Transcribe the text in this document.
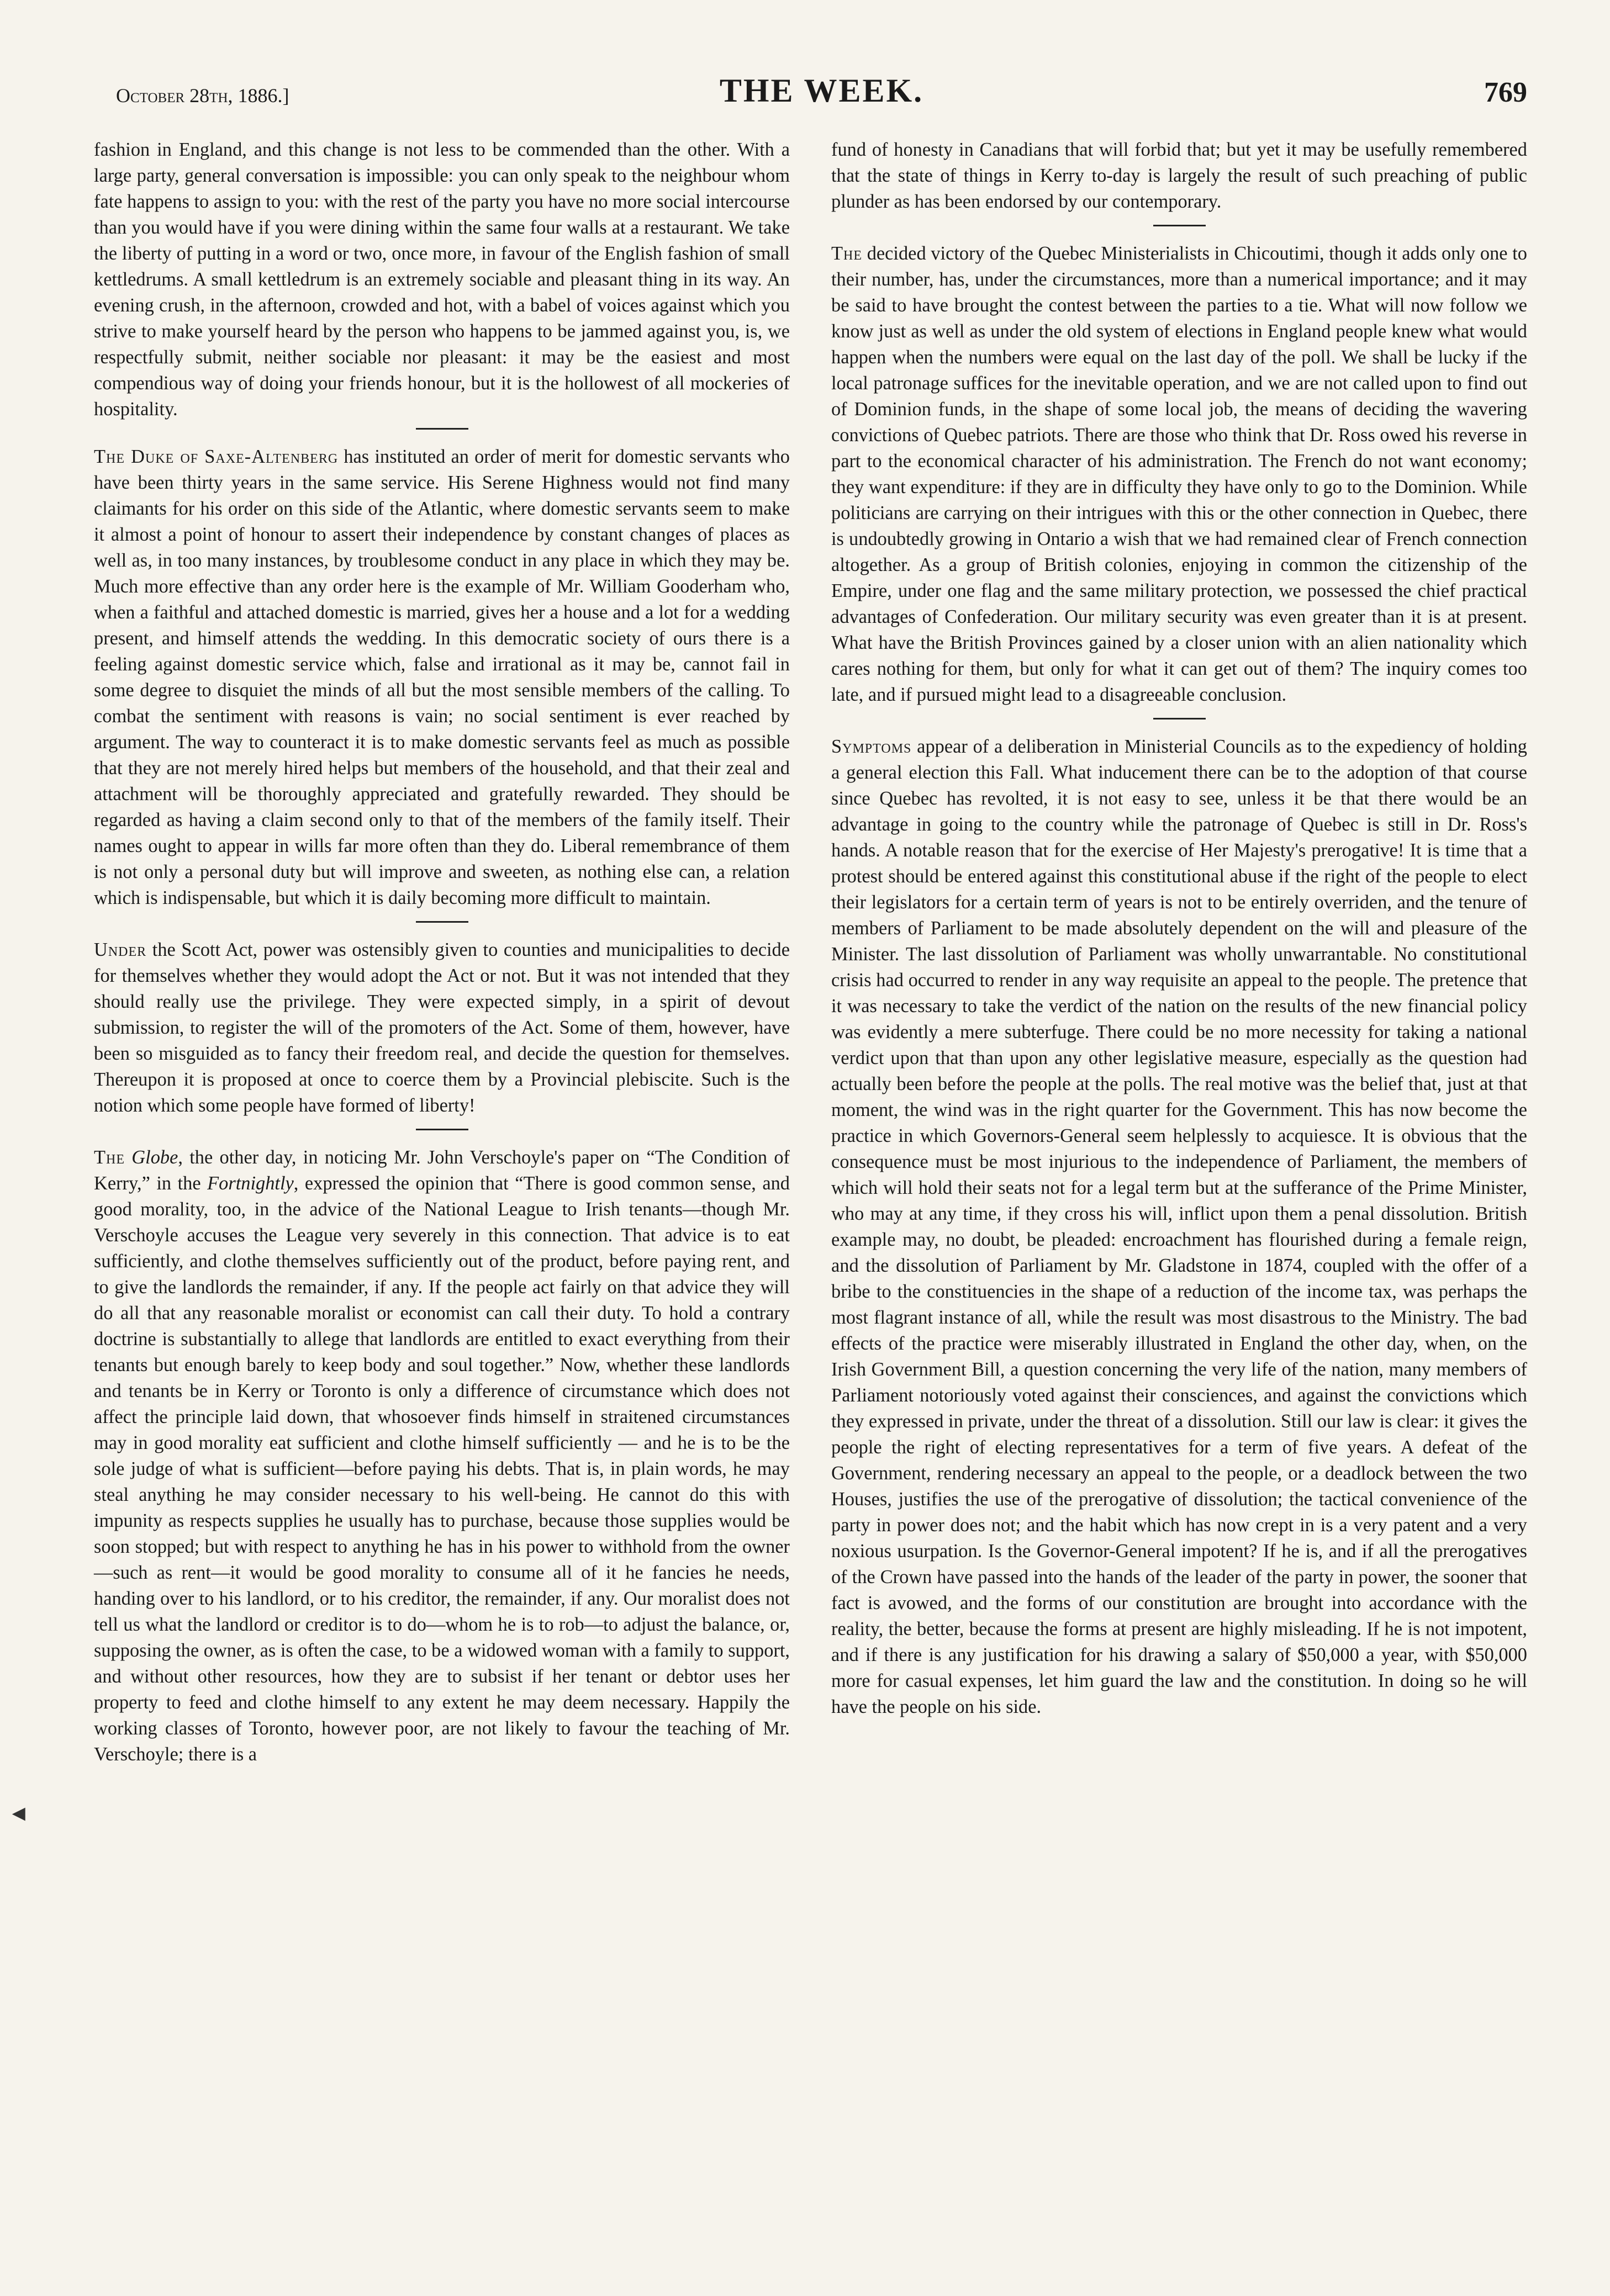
October 28th, 1886.]	THE WEEK.	769

fashion in England, and this change is not less to be commended than the other. With a large party, general conversation is impossible: you can only speak to the neighbour whom fate happens to assign to you: with the rest of the party you have no more social intercourse than you would have if you were dining within the same four walls at a restaurant. We take the liberty of putting in a word or two, once more, in favour of the English fashion of small kettledrums. A small kettledrum is an extremely sociable and pleasant thing in its way. An evening crush, in the afternoon, crowded and hot, with a babel of voices against which you strive to make yourself heard by the person who happens to be jammed against you, is, we respectfully submit, neither sociable nor pleasant: it may be the easiest and most compendious way of doing your friends honour, but it is the hollowest of all mockeries of hospitality.

The Duke of Saxe-Altenberg has instituted an order of merit for domestic servants who have been thirty years in the same service. His Serene Highness would not find many claimants for his order on this side of the Atlantic, where domestic servants seem to make it almost a point of honour to assert their independence by constant changes of places as well as, in too many instances, by troublesome conduct in any place in which they may be. Much more effective than any order here is the example of Mr. William Gooderham who, when a faithful and attached domestic is married, gives her a house and a lot for a wedding present, and himself attends the wedding. In this democratic society of ours there is a feeling against domestic service which, false and irrational as it may be, cannot fail in some degree to disquiet the minds of all but the most sensible members of the calling. To combat the sentiment with reasons is vain; no social sentiment is ever reached by argument. The way to counteract it is to make domestic servants feel as much as possible that they are not merely hired helps but members of the household, and that their zeal and attachment will be thoroughly appreciated and gratefully rewarded. They should be regarded as having a claim second only to that of the members of the family itself. Their names ought to appear in wills far more often than they do. Liberal remembrance of them is not only a personal duty but will improve and sweeten, as nothing else can, a relation which is indispensable, but which it is daily becoming more difficult to maintain.

Under the Scott Act, power was ostensibly given to counties and municipalities to decide for themselves whether they would adopt the Act or not. But it was not intended that they should really use the privilege. They were expected simply, in a spirit of devout submission, to register the will of the promoters of the Act. Some of them, however, have been so misguided as to fancy their freedom real, and decide the question for themselves. Thereupon it is proposed at once to coerce them by a Provincial plebiscite. Such is the notion which some people have formed of liberty!

The Globe, the other day, in noticing Mr. John Verschoyle's paper on “The Condition of Kerry,” in the Fortnightly, expressed the opinion that “There is good common sense, and good morality, too, in the advice of the National League to Irish tenants—though Mr. Verschoyle accuses the League very severely in this connection. That advice is to eat sufficiently, and clothe themselves sufficiently out of the product, before paying rent, and to give the landlords the remainder, if any. If the people act fairly on that advice they will do all that any reasonable moralist or economist can call their duty. To hold a contrary doctrine is substantially to allege that landlords are entitled to exact everything from their tenants but enough barely to keep body and soul together.” Now, whether these landlords and tenants be in Kerry or Toronto is only a difference of circumstance which does not affect the principle laid down, that whosoever finds himself in straitened circumstances may in good morality eat sufficient and clothe himself sufficiently — and he is to be the sole judge of what is sufficient—before paying his debts. That is, in plain words, he may steal anything he may consider necessary to his well-being. He cannot do this with impunity as respects supplies he usually has to purchase, because those supplies would be soon stopped; but with respect to anything he has in his power to withhold from the owner—such as rent—it would be good morality to consume all of it he fancies he needs, handing over to his landlord, or to his creditor, the remainder, if any. Our moralist does not tell us what the landlord or creditor is to do—whom he is to rob—to adjust the balance, or, supposing the owner, as is often the case, to be a widowed woman with a family to support, and without other resources, how they are to subsist if her tenant or debtor uses her property to feed and clothe himself to any extent he may deem necessary. Happily the working classes of Toronto, however poor, are not likely to favour the teaching of Mr. Verschoyle; there is a

fund of honesty in Canadians that will forbid that; but yet it may be usefully remembered that the state of things in Kerry to-day is largely the result of such preaching of public plunder as has been endorsed by our contemporary.

The decided victory of the Quebec Ministerialists in Chicoutimi, though it adds only one to their number, has, under the circumstances, more than a numerical importance; and it may be said to have brought the contest between the parties to a tie. What will now follow we know just as well as under the old system of elections in England people knew what would happen when the numbers were equal on the last day of the poll. We shall be lucky if the local patronage suffices for the inevitable operation, and we are not called upon to find out of Dominion funds, in the shape of some local job, the means of deciding the wavering convictions of Quebec patriots. There are those who think that Dr. Ross owed his reverse in part to the economical character of his administration. The French do not want economy; they want expenditure: if they are in difficulty they have only to go to the Dominion. While politicians are carrying on their intrigues with this or the other connection in Quebec, there is undoubtedly growing in Ontario a wish that we had remained clear of French connection altogether. As a group of British colonies, enjoying in common the citizenship of the Empire, under one flag and the same military protection, we possessed the chief practical advantages of Confederation. Our military security was even greater than it is at present. What have the British Provinces gained by a closer union with an alien nationality which cares nothing for them, but only for what it can get out of them? The inquiry comes too late, and if pursued might lead to a disagreeable conclusion.

Symptoms appear of a deliberation in Ministerial Councils as to the expediency of holding a general election this Fall. What inducement there can be to the adoption of that course since Quebec has revolted, it is not easy to see, unless it be that there would be an advantage in going to the country while the patronage of Quebec is still in Dr. Ross's hands. A notable reason that for the exercise of Her Majesty's prerogative! It is time that a protest should be entered against this constitutional abuse if the right of the people to elect their legislators for a certain term of years is not to be entirely overriden, and the tenure of members of Parliament to be made absolutely dependent on the will and pleasure of the Minister. The last dissolution of Parliament was wholly unwarrantable. No constitutional crisis had occurred to render in any way requisite an appeal to the people. The pretence that it was necessary to take the verdict of the nation on the results of the new financial policy was evidently a mere subterfuge. There could be no more necessity for taking a national verdict upon that than upon any other legislative measure, especially as the question had actually been before the people at the polls. The real motive was the belief that, just at that moment, the wind was in the right quarter for the Government. This has now become the practice in which Governors-General seem helplessly to acquiesce. It is obvious that the consequence must be most injurious to the independence of Parliament, the members of which will hold their seats not for a legal term but at the sufferance of the Prime Minister, who may at any time, if they cross his will, inflict upon them a penal dissolution. British example may, no doubt, be pleaded: encroachment has flourished during a female reign, and the dissolution of Parliament by Mr. Gladstone in 1874, coupled with the offer of a bribe to the constituencies in the shape of a reduction of the income tax, was perhaps the most flagrant instance of all, while the result was most disastrous to the Ministry. The bad effects of the practice were miserably illustrated in England the other day, when, on the Irish Government Bill, a question concerning the very life of the nation, many members of Parliament notoriously voted against their consciences, and against the convictions which they expressed in private, under the threat of a dissolution. Still our law is clear: it gives the people the right of electing representatives for a term of five years. A defeat of the Government, rendering necessary an appeal to the people, or a deadlock between the two Houses, justifies the use of the prerogative of dissolution; the tactical convenience of the party in power does not; and the habit which has now crept in is a very patent and a very noxious usurpation. Is the Governor-General impotent? If he is, and if all the prerogatives of the Crown have passed into the hands of the leader of the party in power, the sooner that fact is avowed, and the forms of our constitution are brought into accordance with the reality, the better, because the forms at present are highly misleading. If he is not impotent, and if there is any justification for his drawing a salary of $50,000 a year, with $50,000 more for casual expenses, let him guard the law and the constitution. In doing so he will have the people on his side.

◄
